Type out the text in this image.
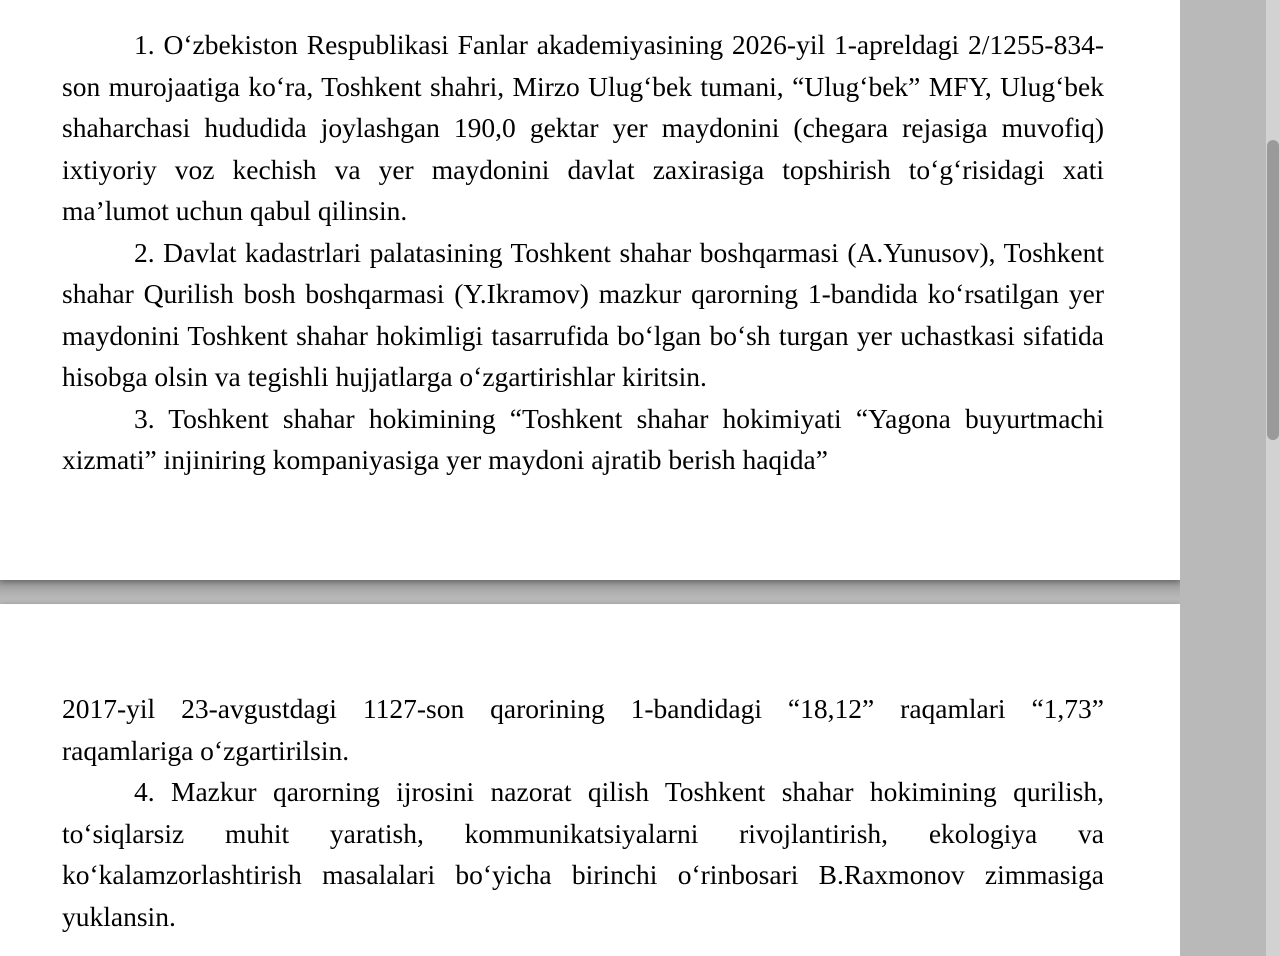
1. O‘zbekiston Respublikasi Fanlar akademiyasining 2026-yil 1-apreldagi 2/1255-834-son murojaatiga ko‘ra, Toshkent shahri, Mirzo Ulug‘bek tumani, “Ulug‘bek” MFY, Ulug‘bek shaharchasi hududida joylashgan 190,0 gektar yer maydonini (chegara rejasiga muvofiq) ixtiyoriy voz kechish va yer maydonini davlat zaxirasiga topshirish to‘g‘risidagi xati ma’lumot uchun qabul qilinsin.

2. Davlat kadastrlari palatasining Toshkent shahar boshqarmasi (A.Yunusov), Toshkent shahar Qurilish bosh boshqarmasi (Y.Ikramov) mazkur qarorning 1-bandida ko‘rsatilgan yer maydonini Toshkent shahar hokimligi tasarrufida bo‘lgan bo‘sh turgan yer uchastkasi sifatida hisobga olsin va tegishli hujjatlarga o‘zgartirishlar kiritsin.

3. Toshkent shahar hokimining “Toshkent shahar hokimiyati “Yagona buyurtmachi xizmati” injiniring kompaniyasiga yer maydoni ajratib berish haqida”

2017-yil 23-avgustdagi 1127-son qarorining 1-bandidagi “18,12” raqamlari “1,73” raqamlariga o‘zgartirilsin.

4. Mazkur qarorning ijrosini nazorat qilish Toshkent shahar hokimining qurilish, to‘siqlarsiz muhit yaratish, kommunikatsiyalarni rivojlantirish, ekologiya va ko‘kalamzorlashtirish masalalari bo‘yicha birinchi o‘rinbosari B.Raxmonov zimmasiga yuklansin.
